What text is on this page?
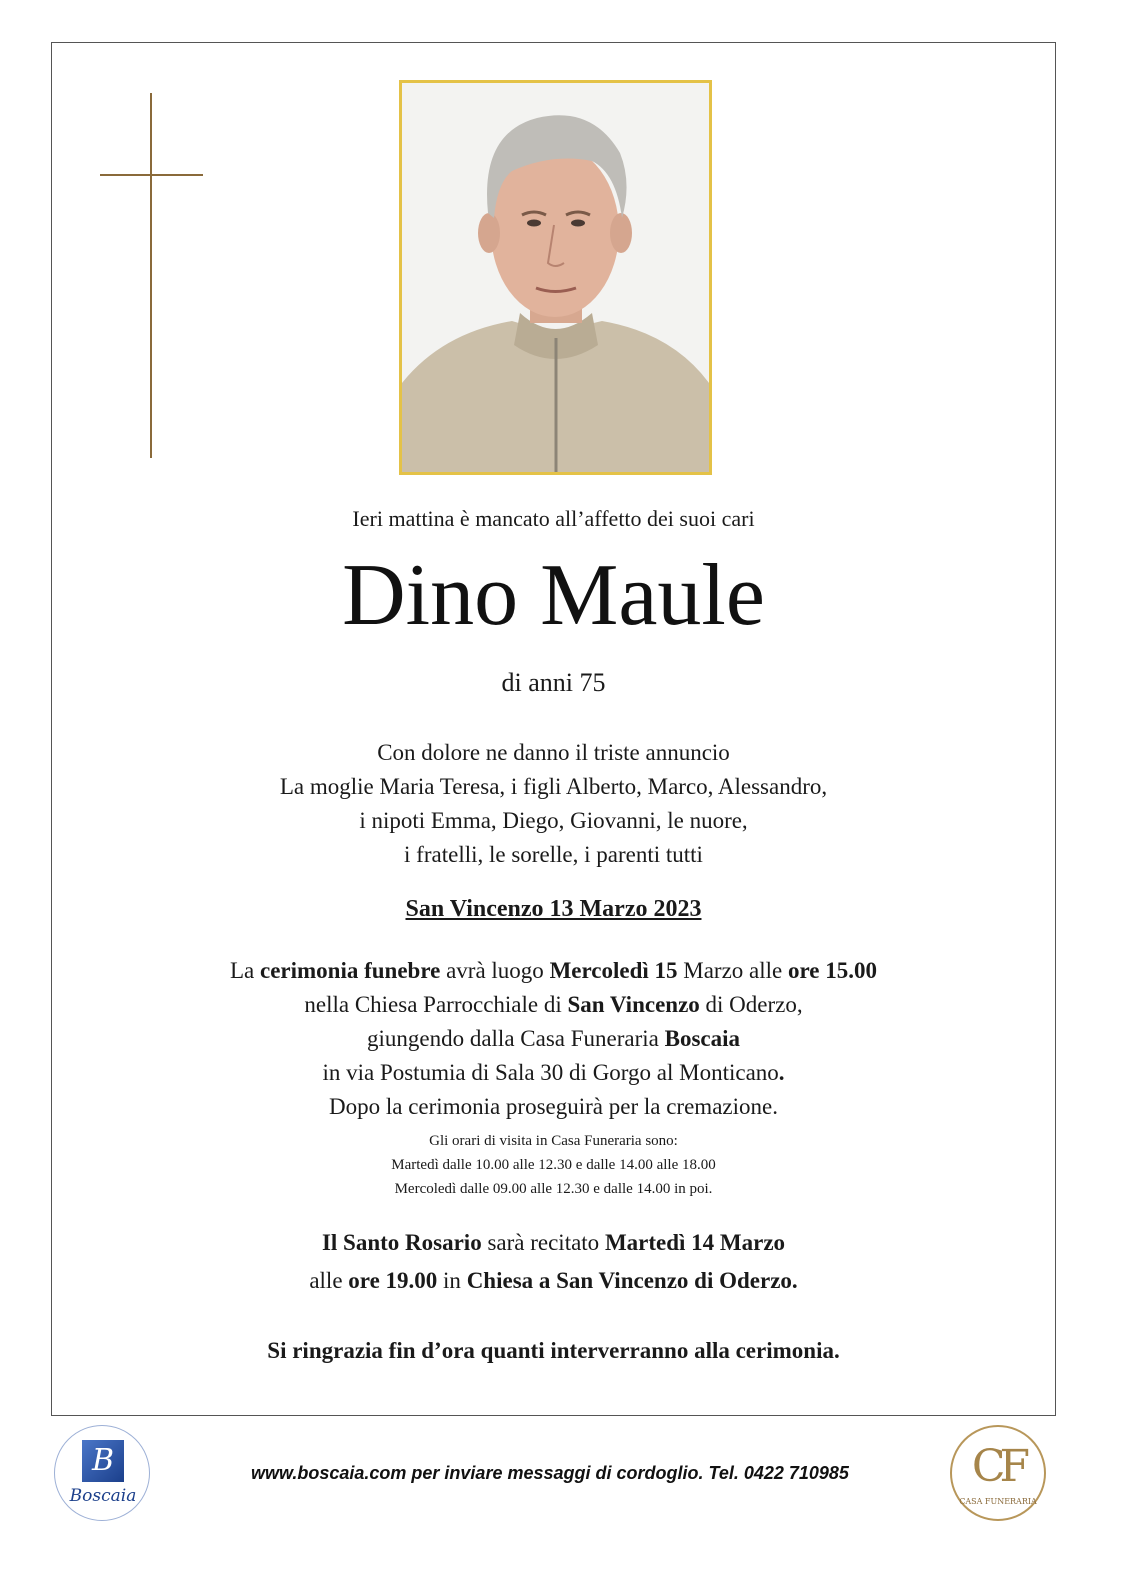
Ieri mattina è mancato all’affetto dei suoi cari
Dino Maule
di anni 75
Con dolore ne danno il triste annuncio
La moglie Maria Teresa, i figli Alberto, Marco, Alessandro,
i nipoti Emma, Diego, Giovanni, le nuore,
i fratelli, le sorelle, i parenti tutti
San Vincenzo 13 Marzo 2023
La cerimonia funebre avrà luogo Mercoledì 15 Marzo alle ore 15.00
nella Chiesa Parrocchiale di San Vincenzo di Oderzo,
giungendo dalla Casa Funeraria Boscaia
in via Postumia di Sala 30 di Gorgo al Monticano.
Dopo la cerimonia proseguirà per la cremazione.
Gli orari di visita in Casa Funeraria sono:
Martedì dalle 10.00 alle 12.30 e dalle 14.00 alle 18.00
Mercoledì dalle 09.00 alle 12.30 e dalle 14.00 in poi.
Il Santo Rosario sarà recitato Martedì 14 Marzo
alle ore 19.00 in Chiesa a San Vincenzo di Oderzo.
Si ringrazia fin d’ora quanti interverranno alla cerimonia.
B
Boscaia
www.boscaia.com per inviare messaggi di cordoglio. Tel. 0422 710985	CF
CASA FUNERARIA
